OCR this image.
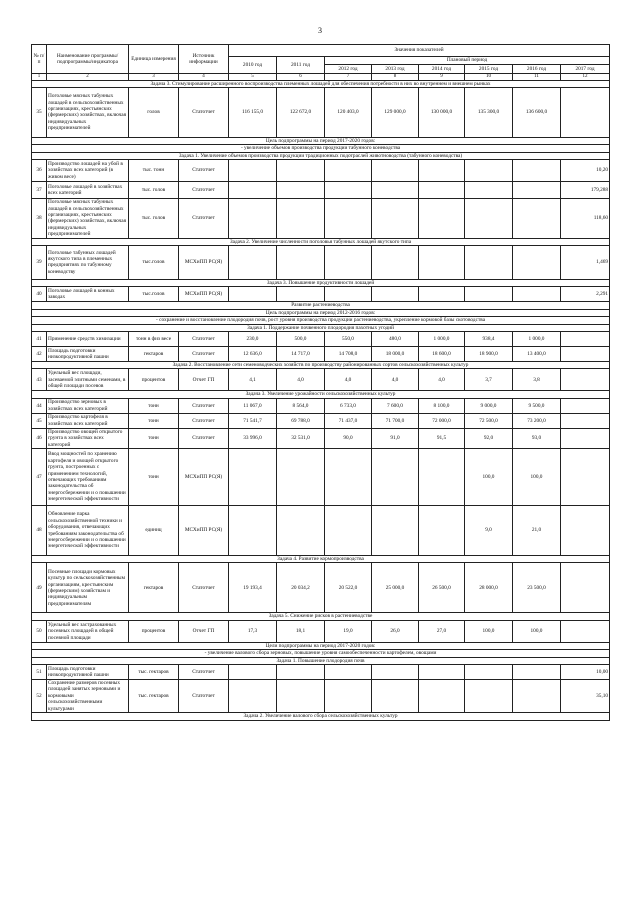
3
№ п/п	Наименование программы/подпрограммы/индикатора	Единица измерения	Источник информации	Значения показателей							
				2010 год	2011 год	Плановый период					
						2012 год	2013 год	2014 год	2015 год	2016 год	2017 год
1	2	3	4	5	6	7	8	9	10	11	12
Задача 3. Стимулирование расширенного воспроизводства племенных лошадей для обеспечения потребности в них во внутреннем и внешнем рынках											
35	Поголовье мясных табунных лошадей в сельскохозяйственных организациях, крестьянских (фермерских) хозяйствах, включая индивидуальных предпринимателей	голов	Статотчет	116 155,0	122 672,0	120 403,0	129 000,0	130 000,0	135 300,0	136 600,0	
Цель подпрограммы на период 2017-2020 годов:											
- увеличение объемов производства продукции табунного коневодства											
Задача 1. Увеличение объемов производства продукции традиционных подотраслей животноводства (табунного коневодства)											
36	Производство лошадей на убой в хозяйствах всех категорий (в живом весе)	тыс. тонн	Статотчет								10,20
37	Поголовье лошадей в хозяйствах всех категорий	тыс. голов	Статотчет								179,288
38	Поголовье мясных табунных лошадей в сельскохозяйственных организациях, крестьянских (фермерских) хозяйствах, включая индивидуальных предпринимателей	тыс. голов	Статотчет								118,60
Задача 2. Увеличение численности поголовья табунных лошадей якутского типа											
39	Поголовье табунных лошадей якутского типа в племенных предприятиях по табунному коневодству	тыс.голов	МСХиПП РС(Я)								1,469
Задача 3. Повышение продуктивности лошадей											
40	Поголовье лошадей в конных заводах	тыс.голов	МСХиПП РС(Я)								2,291
Развитие растениеводства											
Цель подпрограммы на период 2012-2016 годов:											
- сохранение и восстановление плодородия почв, рост уровня производства продукции растениеводства, укрепление кормовой базы скотоводства											
Задача 1. Поддержание почвенного плодородия пахотных угодий											
41	Применение средств химизации	тонн в физ весе	Статотчет	230,0	500,0	550,0	480,0	1 000,0	938,4	1 000,0	
42	Площадь подготовки низкопродуктивной пашни	гектаров	Статотчет	12 636,0	14 717,0	14 708,0	18 000,0	18 600,0	18 900,0	13 400,0	
Задача 2. Восстановление сети семеноводческих хозяйств по производству районированных сортов сельскохозяйственных культур											
43	Удельный вес площади, засеваемой элитными семенами, в общей площади посевов	процентов	Отчет ГП	4,1	4,0	4,0	4,0	4,0	3,7	3,8	
Задача 3. Увеличение урожайности сельскохозяйственных культур											
44	Производство зерновых в хозяйствах всех категорий	тонн	Статотчет	11 067,0	8 564,0	6 733,0	7 600,0	8 100,0	9 000,0	9 500,0	
45	Производство картофеля в хозяйствах всех категорий	тонн	Статотчет	71 541,7	69 788,0	71 437,0	71 700,0	72 000,0	72 500,0	73 200,0	
46	Производство овощей открытого грунта в хозяйствах всех категорий	тонн	Статотчет	33 996,0	32 531,0	90,0	91,0	91,5	92,0	93,0	
47	Ввод мощностей по хранению картофеля и овощей открытого грунта, построенных с применением технологий, отвечающих требованиям законодательства об энергосбережении и о повышении энергетической эффективности	тонн	МСХиПП РС(Я)						100,0	100,0	
48	Обновление парка сельскохозяйственной техники и оборудования, отвечающих требованиям законодательства об энергосбережении и о повышении энергетической эффективности	единиц	МСХиПП РС(Я)						9,0	21,0	
Задача 4. Развитие кормопроизводства											
49	Посевные площади кормовых культур по сельскохозяйственным организациям, крестьянским (фермерским) хозяйствам и индивидуальным предпринимателям	гектаров	Статотчет	19 193,4	20 034,2	20 522,0	25 000,0	26 500,0	28 000,0	23 500,0	
Задача 5. Снижение рисков в растениеводстве											
50	Удельный вес застрахованных посевных площадей в общей посевной площади	процентов	Отчет ГП	17,3	18,1	19,0	26,0	27,0	100,0	100,0	
Цели подпрограммы на период 2017-2020 годов:											
- увеличение валового сбора зерновых, повышение уровня самообеспеченности картофелем, овощами											
Задача 1. Повышение плодородия почв											
51	Площадь подготовки низкопродуктивной пашни	тыс. гектаров	Статотчет								10,00
52	Сохранение размеров посевных площадей занятых зерновыми и кормовыми сельскохозяйственными культурами	тыс. гектаров	Статотчет								35,10
Задача 2. Увеличение валового сбора сельскохозяйственных культур											
